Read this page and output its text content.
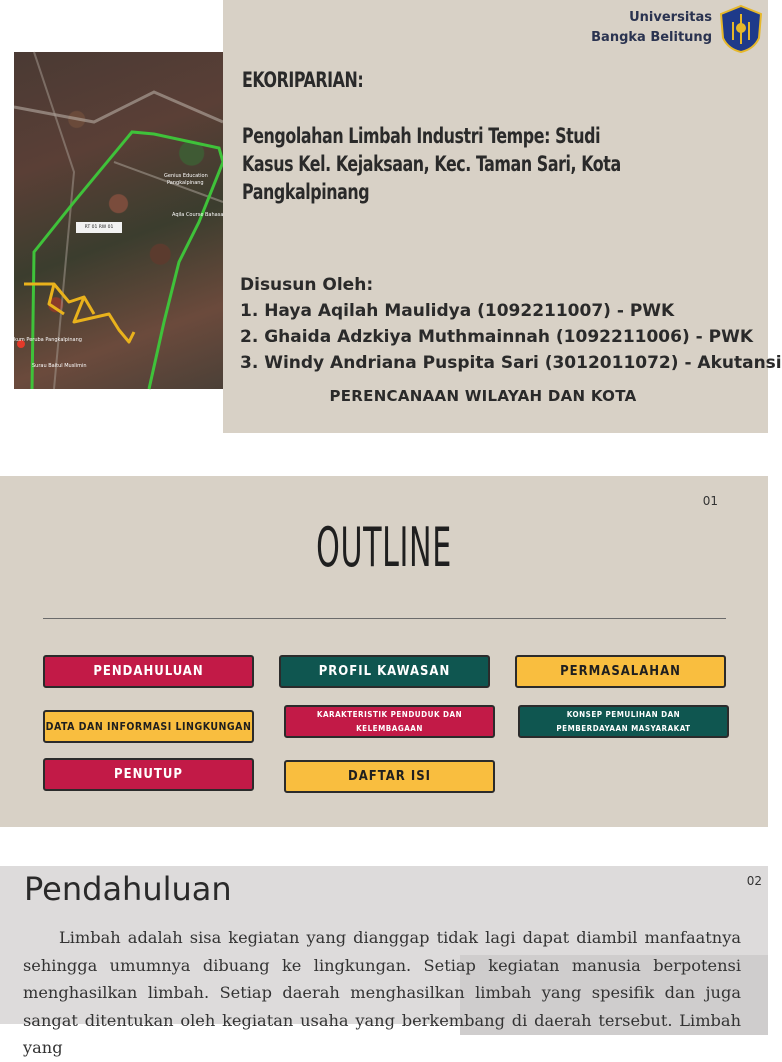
RT 01 RW 01
Genius Education
Pangkalpinang
Aqila Course Bahasa
kum Peruba Pangkalpinang
Surau Baitul Muslimin
Universitas
Bangka Belitung
EKORIPARIAN:
Pengolahan Limbah Industri Tempe: Studi
Kasus Kel. Kejaksaan, Kec. Taman Sari, Kota
Pangkalpinang
Disusun Oleh:
1. Haya Aqilah Maulidya (1092211007) - PWK
2. Ghaida Adzkiya Muthmainnah (1092211006) - PWK
3. Windy Andriana Puspita Sari (3012011072) - Akutansi
PERENCANAAN WILAYAH DAN KOTA
01
OUTLINE
PENDAHULUAN	PROFIL KAWASAN	PERMASALAHAN
DATA DAN INFORMASI LINGKUNGAN
KARAKTERISTIK PENDUDUK DAN KELEMBAGAAN
KONSEP PEMULIHAN DAN PEMBERDAYAAN MASYARAKAT
PENUTUP	DAFTAR ISI
Pendahuluan	02

Limbah adalah sisa kegiatan yang dianggap tidak lagi dapat diambil manfaatnya sehingga umumnya dibuang ke lingkungan. Setiap kegiatan manusia berpotensi menghasilkan limbah. Setiap daerah menghasilkan limbah yang spesifik dan juga sangat ditentukan oleh kegiatan usaha yang berkembang di daerah tersebut. Limbah yang
